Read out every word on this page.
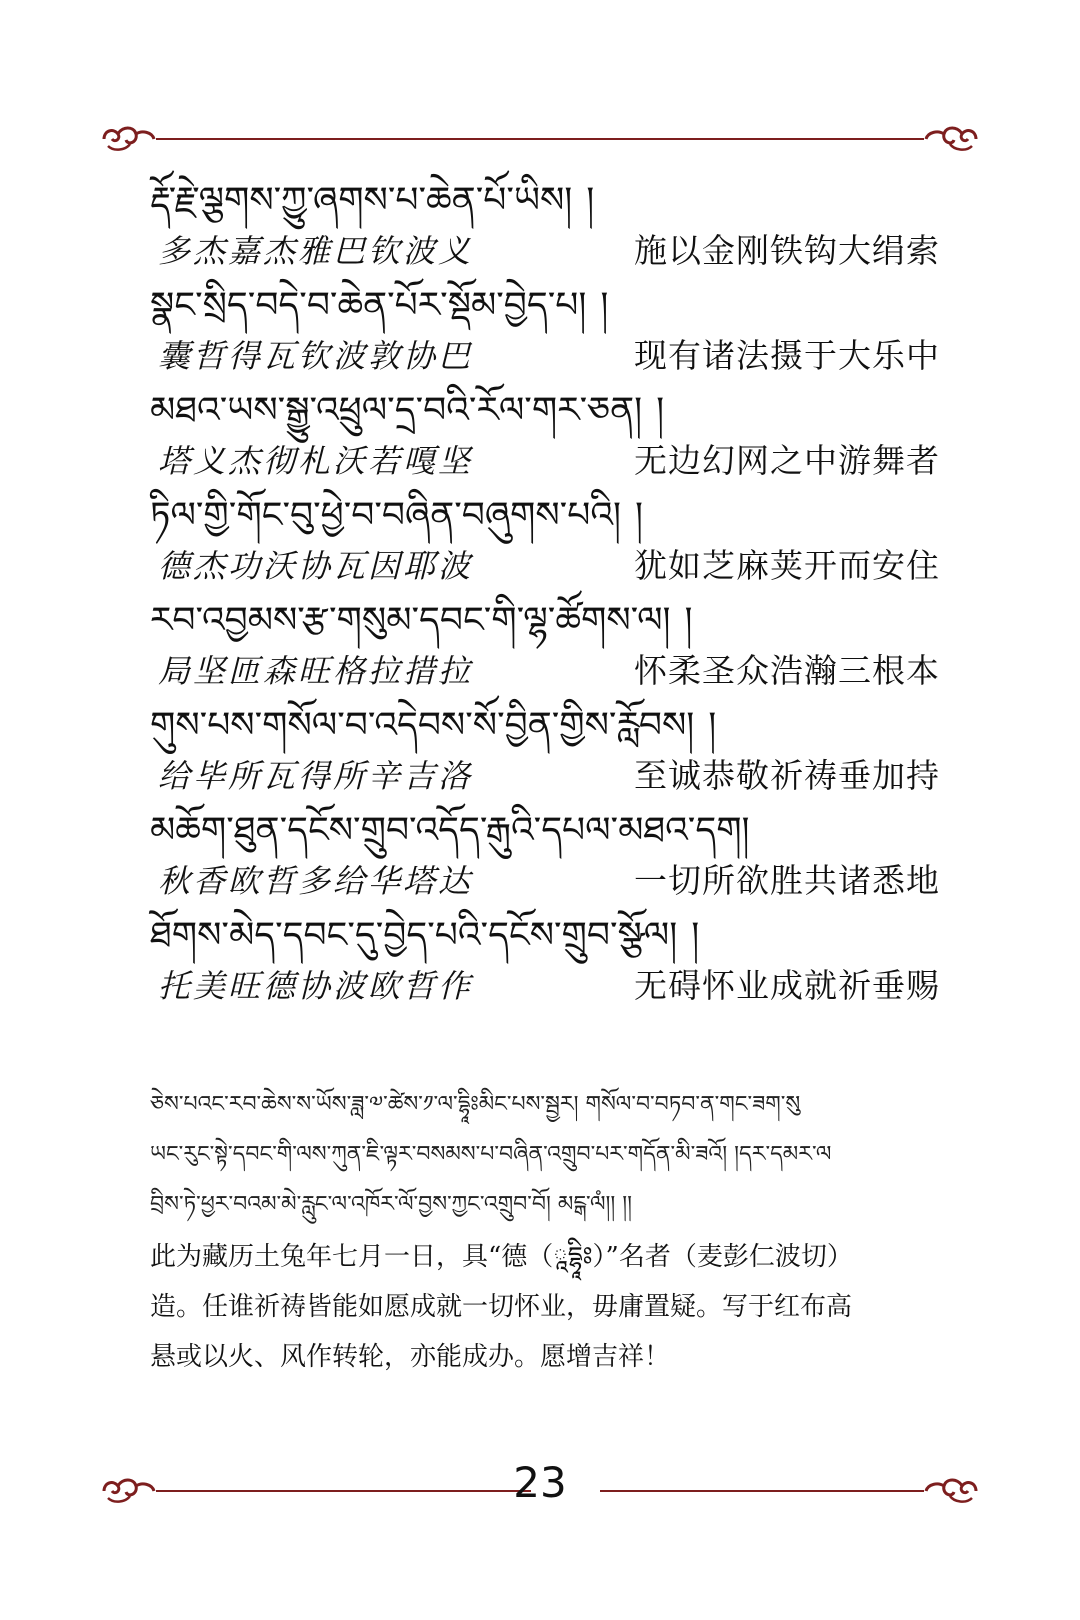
རྡོ་རྗེ་ལྕགས་ཀྱུ་ཞགས་པ་ཆེན་པོ་ཡིས། །
多杰嘉杰雅巴钦波义	施以金刚铁钩大绢索
སྣང་སྲིད་བདེ་བ་ཆེན་པོར་སྡོམ་བྱེད་པ། །
囊哲得瓦钦波敦协巴	现有诸法摄于大乐中
མཐའ་ཡས་སྒྱུ་འཕྲུལ་དྲ་བའི་རོལ་གར་ཅན། །
塔义杰彻札沃若嘎坚	无边幻网之中游舞者
ཏིལ་གྱི་གོང་བུ་ཕྱེ་བ་བཞིན་བཞུགས་པའི། །
德杰功沃协瓦因耶波	犹如芝麻荚开而安住
རབ་འབྱམས་རྩ་གསུམ་དབང་གི་ལྷ་ཚོགས་ལ། །
局坚匝森旺格拉措拉	怀柔圣众浩瀚三根本
གུས་པས་གསོལ་བ་འདེབས་སོ་བྱིན་གྱིས་རློབས། །
给毕所瓦得所辛吉洛	至诚恭敬祈祷垂加持
མཆོག་ཐུན་དངོས་གྲུབ་འདོད་རྒུའི་དཔལ་མཐའ་དག།
秋香欧哲多给华塔达	一切所欲胜共诸悉地
ཐོགས་མེད་དབང་དུ་བྱེད་པའི་དངོས་གྲུབ་སྩོལ། །
托美旺德协波欧哲作	无碍怀业成就祈垂赐
ཅེས་པའང་རབ་ཆེས་ས་ཡོས་ཟླ་༧་ཚེས་༡་ལ་དྷཱིཿམིང་པས་སྦྱར། གསོལ་བ་བཏབ་ན་གང་ཟག་སུ
ཡང་རུང་སྟེ་དབང་གི་ལས་ཀུན་ཇི་ལྟར་བསམས་པ་བཞིན་འགྲུབ་པར་གདོན་མི་ཟའོ། །དར་དམར་ལ
བྲིས་ཏེ་ཕྱར་བའམ་མེ་རླུང་ལ་འཁོར་ལོ་བྱས་ཀྱང་འགྲུབ་བོ། མངྒ་ལཾ།། །།
此为藏历土兔年七月一日，具“德（ཱདྷཱིཿ）”名者（麦彭仁波切）
造。任谁祈祷皆能如愿成就一切怀业，毋庸置疑。写于红布高
悬或以火、风作转轮，亦能成办。愿增吉祥！
23
